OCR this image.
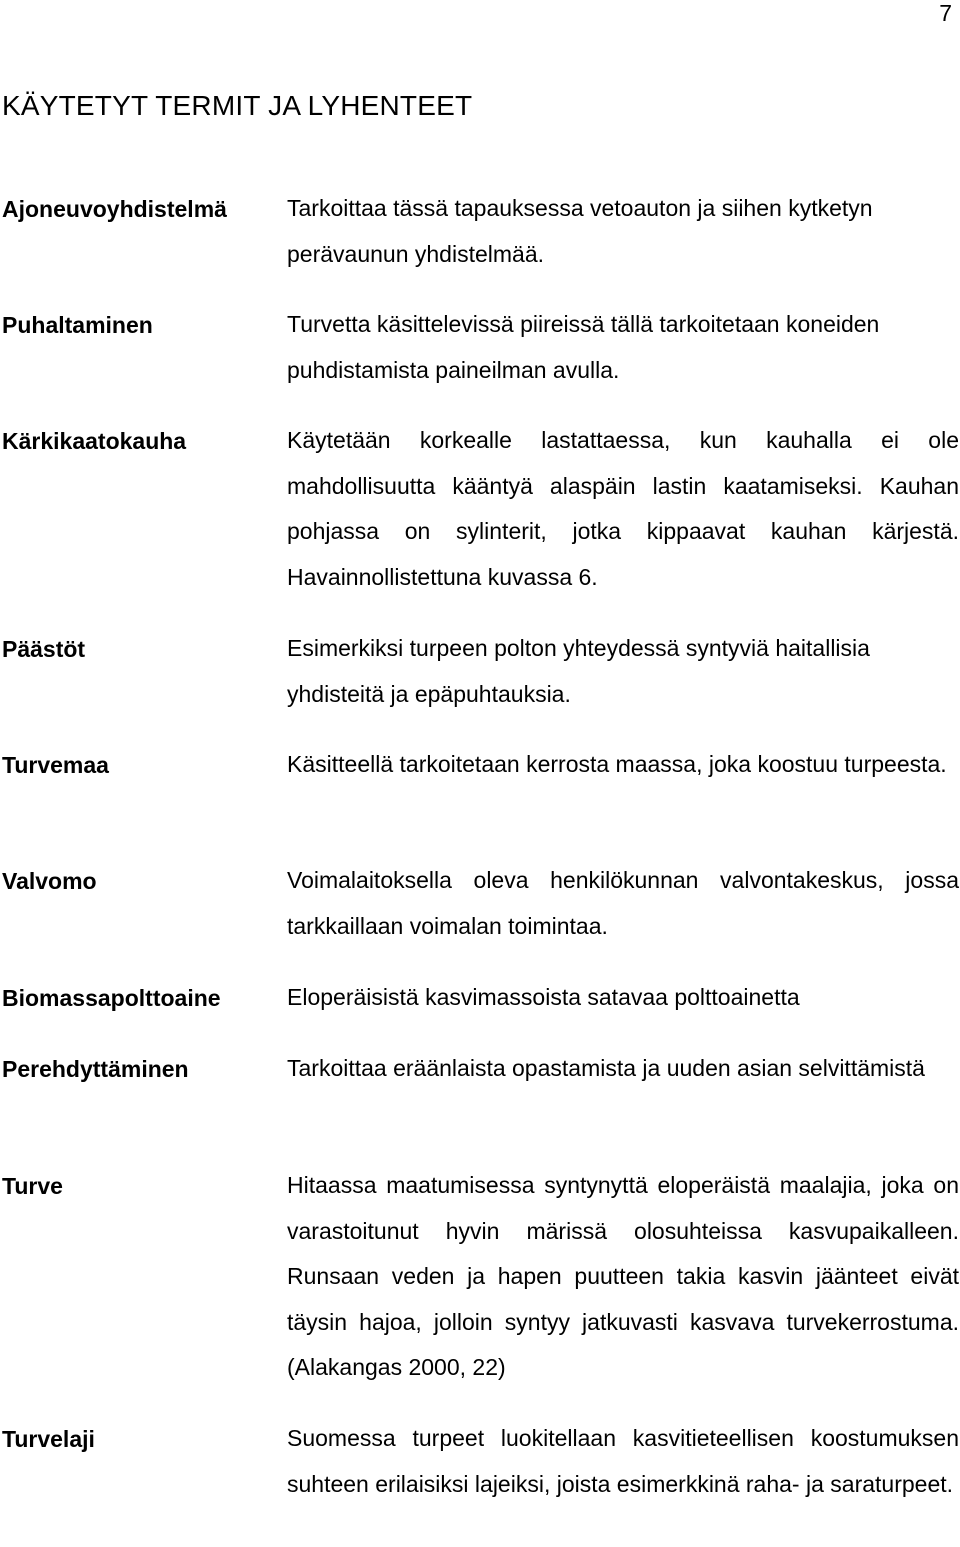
7
KÄYTETYT TERMIT JA LYHENTEET
Ajoneuvoyhdistelmä	Tarkoittaa tässä tapauksessa vetoauton ja siihen kytketyn perävaunun yhdistelmää.

Puhaltaminen	Turvetta käsittelevissä piireissä tällä tarkoitetaan koneiden puhdistamista paineilman avulla.

Kärkikaatokauha	Käytetään korkealle lastattaessa, kun kauhalla ei ole mahdollisuutta kääntyä alaspäin lastin kaatamiseksi. Kauhan pohjassa on sylinterit, jotka kippaavat kauhan kärjestä. Havainnollistettuna kuvassa 6.

Päästöt	Esimerkiksi turpeen polton yhteydessä syntyviä haitallisia yhdisteitä ja epäpuhtauksia.

Turvemaa	Käsitteellä tarkoitetaan kerrosta maassa, joka koostuu turpeesta.

Valvomo	Voimalaitoksella oleva henkilökunnan valvontakeskus, jossa tarkkaillaan voimalan toimintaa.

Biomassapolttoaine	Eloperäisistä kasvimassoista satavaa polttoainetta

Perehdyttäminen	Tarkoittaa eräänlaista opastamista ja uuden asian selvittämistä

Turve	Hitaassa maatumisessa syntynyttä eloperäistä maalajia, joka on varastoitunut hyvin märissä olosuhteissa kasvupaikalleen. Runsaan veden ja hapen puutteen takia kasvin jäänteet eivät täysin hajoa, jolloin syntyy jatkuvasti kasvava turvekerrostuma. (Alakangas 2000, 22)

Turvelaji	Suomessa turpeet luokitellaan kasvitieteellisen koostumuksen suhteen erilaisiksi lajeiksi, joista esimerkkinä raha- ja saraturpeet.
